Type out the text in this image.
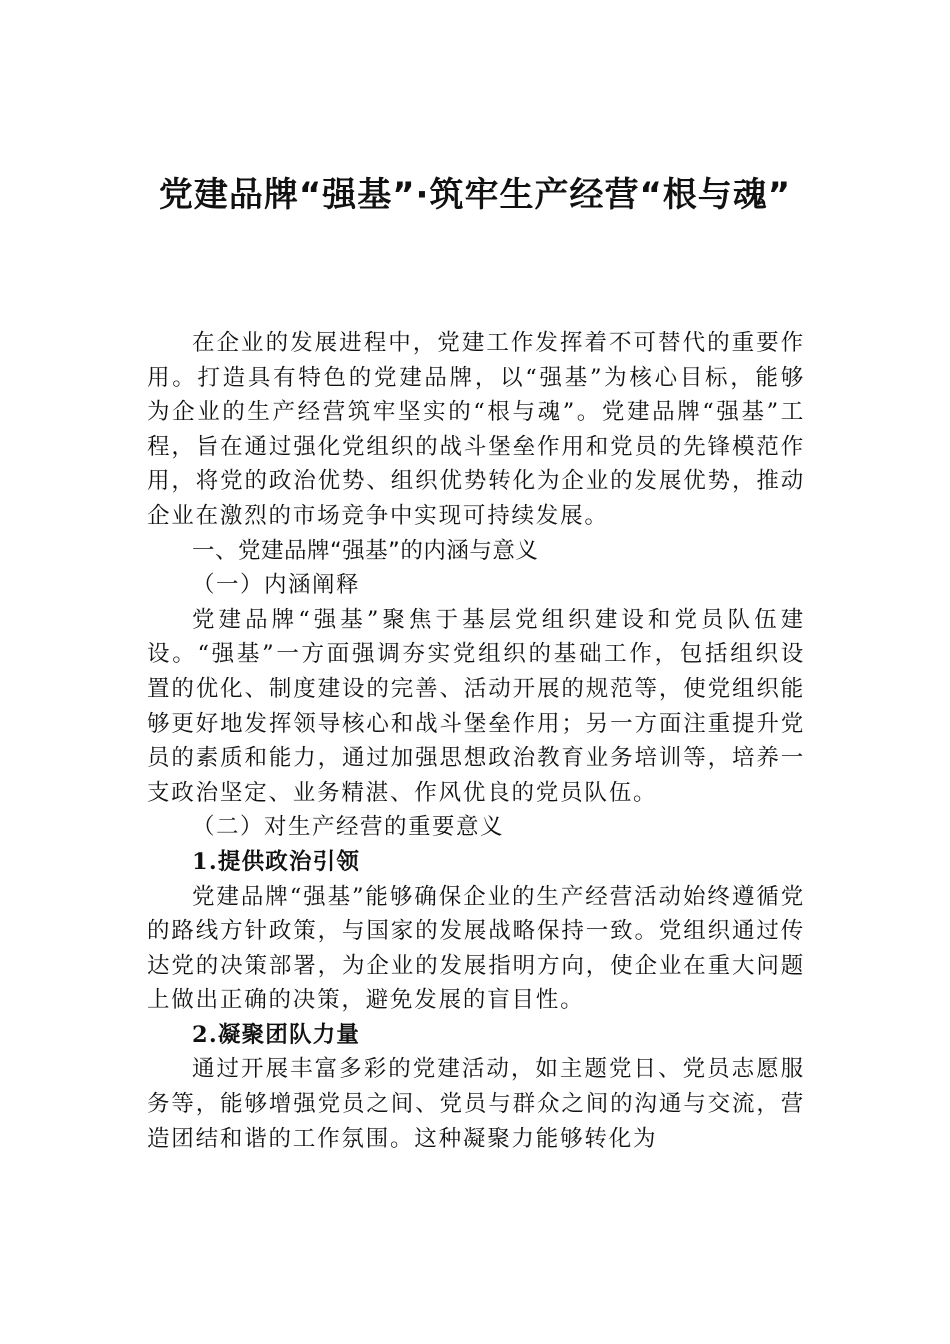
党建品牌“强基”·筑牢生产经营“根与魂”

在企业的发展进程中，党建工作发挥着不可替代的重要作用。打造具有特色的党建品牌，以“强基”为核心目标，能够为企业的生产经营筑牢坚实的“根与魂”。党建品牌“强基”工程，旨在通过强化党组织的战斗堡垒作用和党员的先锋模范作用，将党的政治优势、组织优势转化为企业的发展优势，推动企业在激烈的市场竞争中实现可持续发展。

一、党建品牌“强基”的内涵与意义

（一）内涵阐释

党建品牌“强基”聚焦于基层党组织建设和党员队伍建设。“强基”一方面强调夯实党组织的基础工作，包括组织设置的优化、制度建设的完善、活动开展的规范等，使党组织能够更好地发挥领导核心和战斗堡垒作用；另一方面注重提升党员的素质和能力，通过加强思想政治教育业务培训等，培养一支政治坚定、业务精湛、作风优良的党员队伍。

（二）对生产经营的重要意义

1.提供政治引领

党建品牌“强基”能够确保企业的生产经营活动始终遵循党的路线方针政策，与国家的发展战略保持一致。党组织通过传达党的决策部署，为企业的发展指明方向，使企业在重大问题上做出正确的决策，避免发展的盲目性。

2.凝聚团队力量

通过开展丰富多彩的党建活动，如主题党日、党员志愿服务等，能够增强党员之间、党员与群众之间的沟通与交流，营造团结和谐的工作氛围。这种凝聚力能够转化为
